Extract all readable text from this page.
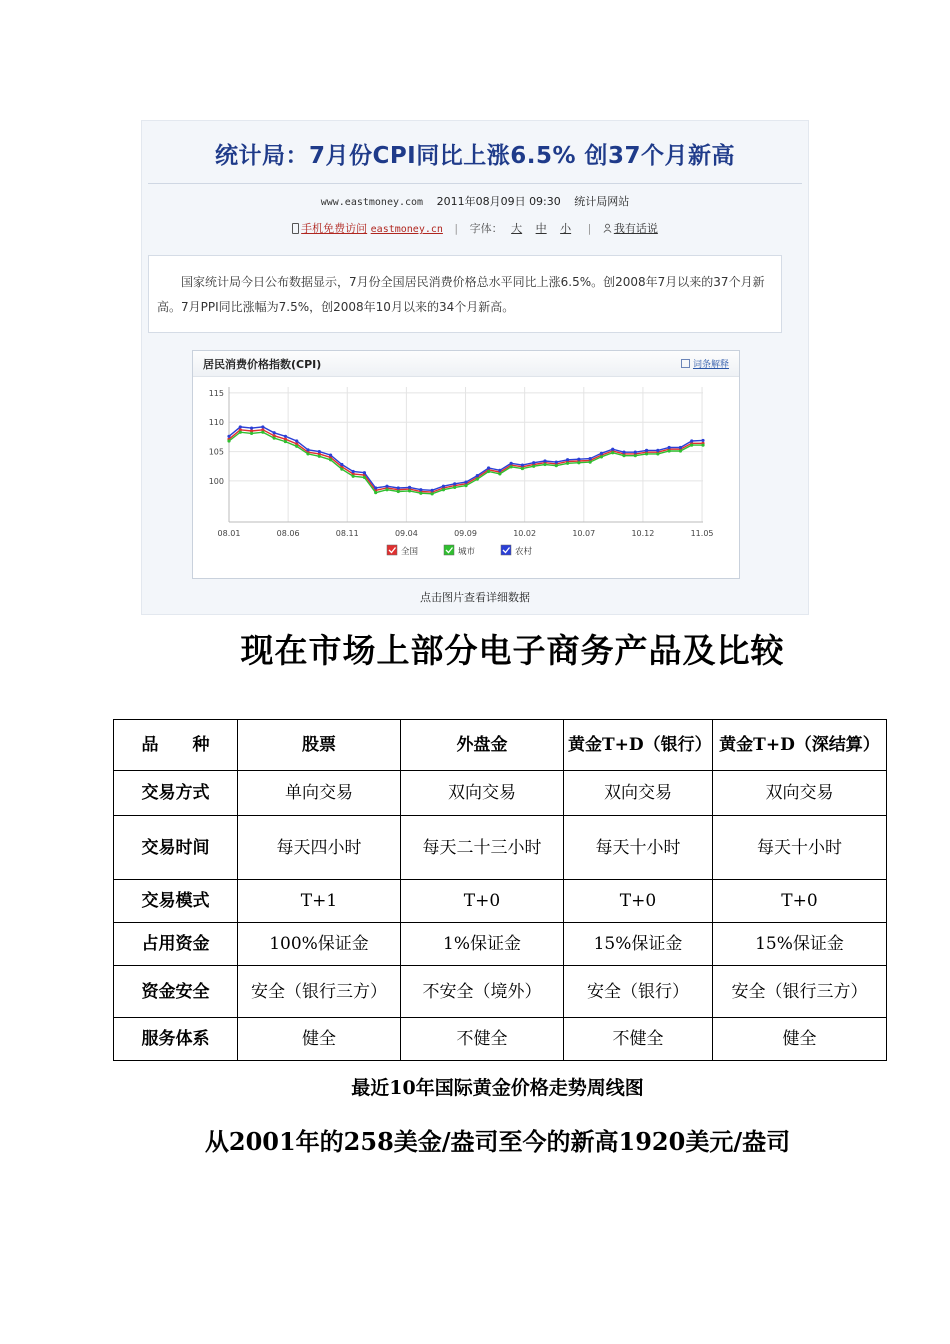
统计局：7月份CPI同比上涨6.5% 创37个月新高
www.eastmoney.com 2011年08月09日 09:30 统计局网站
手机免费访问 eastmoney.cn | 字体： 大 中 小 | 我有话说

国家统计局今日公布数据显示，7月份全国居民消费价格总水平同比上涨6.5%。创2008年7月以来的37个月新高。7月PPI同比涨幅为7.5%，创2008年10月以来的34个月新高。

居民消费价格指数(CPI)	词条解释
100
105
110
115
08.01	08.06	08.11	09.04	09.09	10.02	10.07	10.12	11.05
全国	城市	农村
点击图片查看详细数据
现在市场上部分电子商务产品及比较
品　　种	股票	外盘金	黄金T+D（银行）	黄金T+D（深结算）
交易方式	单向交易	双向交易	双向交易	双向交易
交易时间	每天四小时	每天二十三小时	每天十小时	每天十小时
交易模式	T+1	T+0	T+0	T+0
占用资金	100%保证金	1%保证金	15%保证金	15%保证金
资金安全	安全（银行三方）	不安全（境外）	安全（银行）	安全（银行三方）
服务体系	健全	不健全	不健全	健全
最近10年国际黄金价格走势周线图
从2001年的258美金/盎司至今的新高1920美元/盎司
